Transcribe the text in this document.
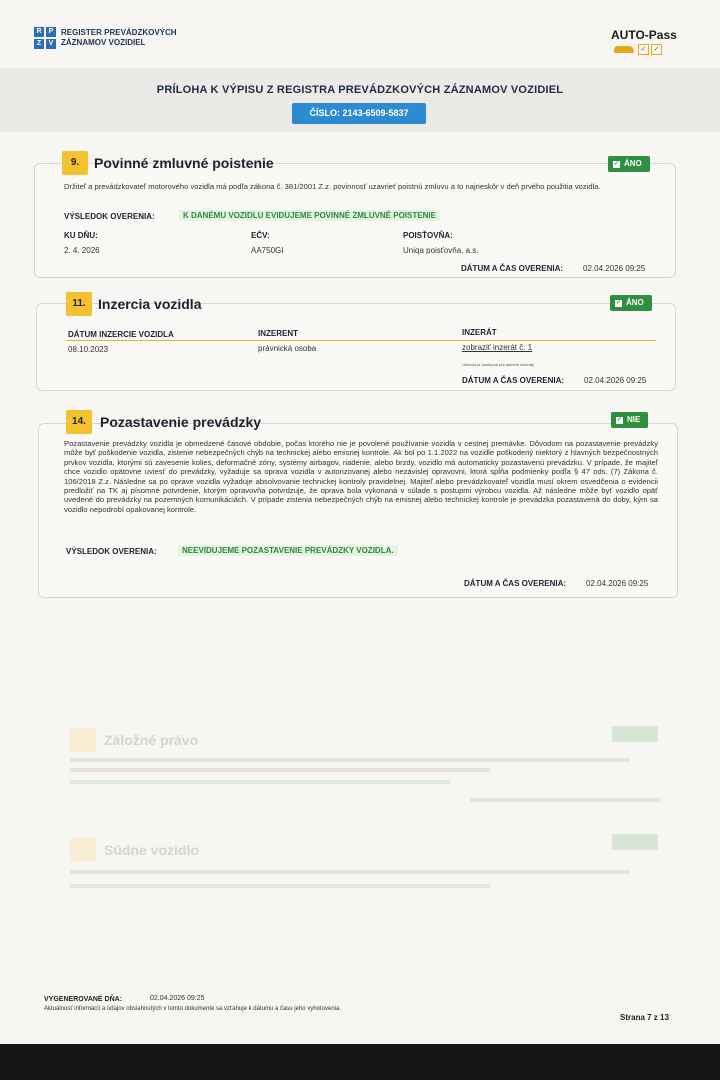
R	P
Z	V
REGISTER PREVÁDZKOVÝCH
ZÁZNAMOV VOZIDIEL
AUTO-Pass
✓	✓
PRÍLOHA K VÝPISU Z REGISTRA PREVÁDZKOVÝCH ZÁZNAMOV VOZIDIEL
ČÍSLO: 2143-6509-5837
9.	Povinné zmluvné poistenie	✓ ÁNO
Držiteľ a prevádzkovateľ motorového vozidla má podľa zákona č. 381/2001 Z.z. povinnosť uzavrieť poistnú zmluvu a to najneskôr v deň prvého použitia vozidla.
VÝSLEDOK OVERENIA:	K DANÉMU VOZIDLU EVIDUJEME POVINNÉ ZMLUVNÉ POISTENIE
KU DŇU:
2. 4. 2026
EČV:
AA750GI
POISŤOVŇA:
Uniqa poisťovňa, a.s.
DÁTUM A ČAS OVERENIA: 02.04.2026 09:25
11. Inzercia vozidla	✓ ÁNO
DÁTUM INZERCIE VOZIDLA	INZERENT	INZERÁT
08.10.2023	právnická osoba	zobraziť inzerát č. 1
*Adresa je dostupná pre aktívne inzeráty
DÁTUM A ČAS OVERENIA: 02.04.2026 09:25
14.	Pozastavenie prevádzky	✓ NIE
Pozastavenie prevádzky vozidla je obmedzené časové obdobie, počas ktorého nie je povolené používanie vozidla v cestnej premávke. Dôvodom na pozastavenie prevádzky môže byť poškodenie vozidla, zistenie nebezpečných chýb na technickej alebo emisnej kontrole. Ak bol po 1.1.2022 na vozidle poškodený niektorý z hlavných bezpečnostných prvkov vozidla, ktorými sú zavesenie kolies, deformačné zóny, systémy airbagov, riadenie, alebo brzdy, vozidlo má automaticky pozastavenú prevádzku. V prípade, že majiteľ chce vozidlo opätovne uviesť do prevádzky, vyžaduje sa oprava vozidla v autorizovanej alebo nezávislej opravovni, ktorá spĺňa podmienky podľa § 47 ods. (7) Zákona č. 106/2018 Z.z. Následne sa po oprave vozidla vyžaduje absolvovanie technickej kontroly pravidelnej. Majiteľ alebo prevádzkovateľ vozidla musí okrem osvedčenia o evidencii predložiť na TK aj písomné potvrdenie, ktorým opravovňa potvrdzuje, že oprava bola vykonaná v súlade s postupmi výrobcu vozidla. Až následne môže byť vozidlo opäť uvedené do prevádzky na pozemných komunikáciách. V prípade zistenia nebezpečných chýb na emisnej alebo technickej kontrole je prevádzka pozastavená do doby, kým sa vozidlo nepodrobí opakovanej kontrole.
VÝSLEDOK OVERENIA:	NEEVIDUJEME POZASTAVENIE PREVÁDZKY VOZIDLA.
DÁTUM A ČAS OVERENIA: 02.04.2026 09:25
Záložné právo
Súdne vozidlo
VYGENEROVANÉ DŇA:	02.04.2026 09:25
Aktuálnosť informácií a údajov obsiahnutých v tomto dokumente sa vzťahuje k dátumu a času jeho vyhotovenia.
Strana 7 z 13
